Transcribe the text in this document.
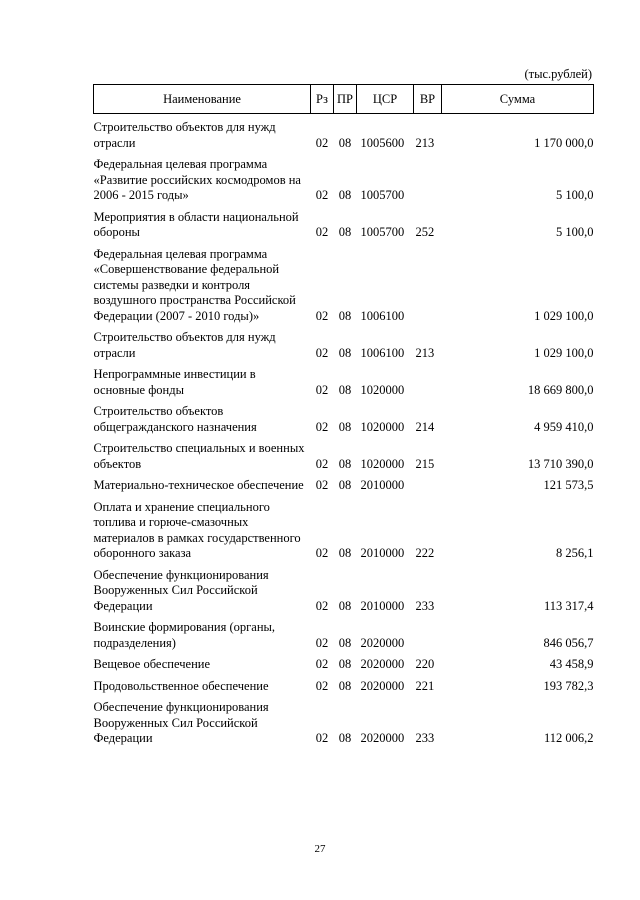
(тыс.рублей)
Наименование	Рз	ПР	ЦСР	ВР	Сумма
Строительство объектов для нужд отрасли	02	08	1005600	213	1 170 000,0
Федеральная целевая программа «Развитие российских космодромов на 2006 - 2015 годы»	02	08	1005700		5 100,0
Мероприятия в области национальной обороны	02	08	1005700	252	5 100,0
Федеральная целевая программа «Совершенствование федеральной системы разведки и контроля воздушного пространства Российской Федерации (2007 - 2010 годы)»	02	08	1006100		1 029 100,0
Строительство объектов для нужд отрасли	02	08	1006100	213	1 029 100,0
Непрограммные инвестиции в основные фонды	02	08	1020000		18 669 800,0
Строительство объектов общегражданского назначения	02	08	1020000	214	4 959 410,0
Строительство специальных и военных объектов	02	08	1020000	215	13 710 390,0
Материально-техническое обеспечение	02	08	2010000		121 573,5
Оплата и хранение специального топлива и горюче-смазочных материалов в рамках государственного оборонного заказа	02	08	2010000	222	8 256,1
Обеспечение функционирования Вооруженных Сил Российской Федерации	02	08	2010000	233	113 317,4
Воинские формирования (органы, подразделения)	02	08	2020000		846 056,7
Вещевое обеспечение	02	08	2020000	220	43 458,9
Продовольственное обеспечение	02	08	2020000	221	193 782,3
Обеспечение функционирования Вооруженных Сил Российской Федерации	02	08	2020000	233	112 006,2
27
